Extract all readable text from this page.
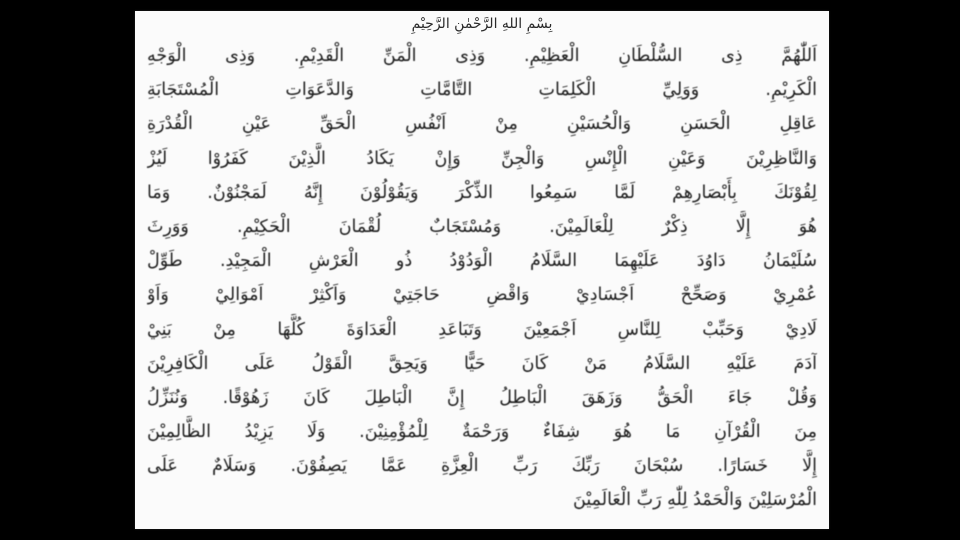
بِسْمِ اللهِ الرَّحْمٰنِ الرَّحِيْمِ
اَللّٰهُمَّ ذِى السُّلْطَانِ الْعَظِيْمِ. وَذِى الْمَنِّ الْقَدِيْمِ. وَذِى الْوَجْهِ
الْكَرِيْمِ. وَوَلِيِّ الْكَلِمَاتِ التَّامَّاتِ وَالدَّعَوَاتِ الْمُسْتَجَابَةِ
عَاقِلِ الْحَسَنِ وَالْحُسَيْنِ مِنْ اَنْفُسِ الْحَقِّ عَيْنِ الْقُدْرَةِ
وَالنَّاظِرِيْنَ وَعَيْنِ الْإِنْسِ وَالْجِنِّ وَإِنْ يَكَادُ الَّذِيْنَ كَفَرُوْا لَيُزْ
لِقُوْنَكَ بِأَبْصَارِهِمْ لَمَّا سَمِعُوا الذِّكْرَ وَيَقُوْلُوْنَ إِنَّهُ لَمَجْنُوْنٌ. وَمَا
هُوَ إِلَّا ذِكْرٌ لِلْعَالَمِيْنَ. وَمُسْتَجَابٌ لُقْمَانَ الْحَكِيْمِ. وَوَرِثَ
سُلَيْمَانُ دَاوُدَ عَلَيْهِمَا السَّلَامُ الْوَدُوْدُ ذُو الْعَرْشِ الْمَجِيْدِ. طَوِّلْ
عُمْرِيْ وَصَحِّحْ اَجْسَادِيْ وَاقْضِ حَاجَتِيْ وَاَكْثِرْ اَمْوَالِيْ وَاَوْ
لَادِيْ وَحَبِّبْ لِلنَّاسِ اَجْمَعِيْنَ وَتَبَاعَدِ الْعَدَاوَةَ كُلَّهَا مِنْ بَنِيْ
آدَمَ عَلَيْهِ السَّلَامُ مَنْ كَانَ حَيًّا وَيَحِقَّ الْقَوْلُ عَلَى الْكَافِرِيْنَ
وَقُلْ جَاءَ الْحَقُّ وَزَهَقَ الْبَاطِلُ إِنَّ الْبَاطِلَ كَانَ زَهُوْقًا. وَنُنَزِّلُ
مِنَ الْقُرْآنِ مَا هُوَ شِفَاءٌ وَرَحْمَةٌ لِلْمُؤْمِنِيْنَ. وَلَا يَزِيْدُ الظَّالِمِيْنَ
إِلَّا خَسَارًا. سُبْحَانَ رَبِّكَ رَبِّ الْعِزَّةِ عَمَّا يَصِفُوْنَ. وَسَلَامٌ عَلَى
الْمُرْسَلِيْنَ وَالْحَمْدُ لِلّٰهِ رَبِّ الْعَالَمِيْنَ
